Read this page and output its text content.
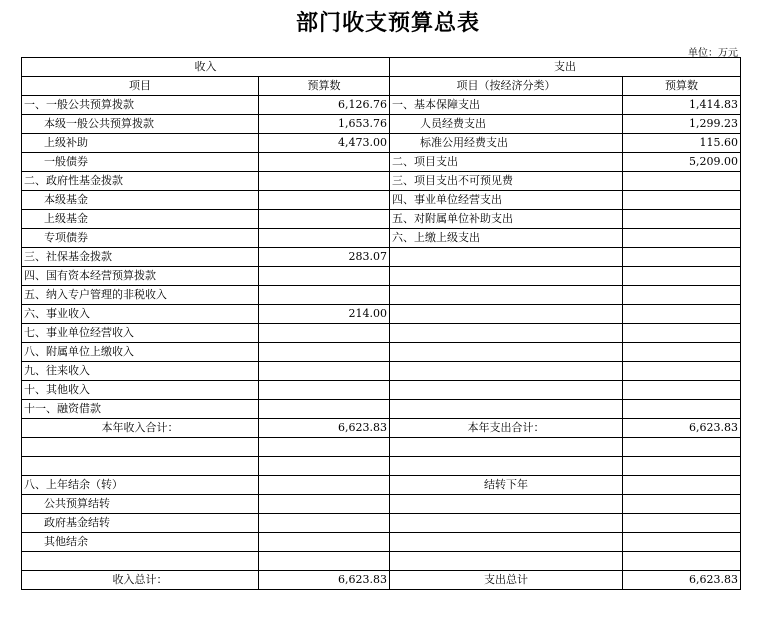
部门收支预算总表
单位：万元
收入		支出	
项目	预算数	项目（按经济分类）	预算数
一、一般公共预算拨款	6,126.76	一、基本保障支出	1,414.83
本级一般公共预算拨款	1,653.76	人员经费支出	1,299.23
上级补助	4,473.00	标准公用经费支出	115.60
一般债券		二、项目支出	5,209.00
二、政府性基金拨款		三、项目支出不可预见费	
本级基金		四、事业单位经营支出	
上级基金		五、对附属单位补助支出	
专项债券		六、上缴上级支出	
三、社保基金拨款	283.07		
四、国有资本经营预算拨款			
五、纳入专户管理的非税收入			
六、事业收入	214.00		
七、事业单位经营收入			
八、附属单位上缴收入			
九、往来收入			
十、其他收入			
十一、融资借款			
本年收入合计：	6,623.83	本年支出合计：	6,623.83

八、上年结余（转）		结转下年	
公共预算结转			
政府基金结转			
其他结余			

收入总计：	6,623.83	支出总计	6,623.83
